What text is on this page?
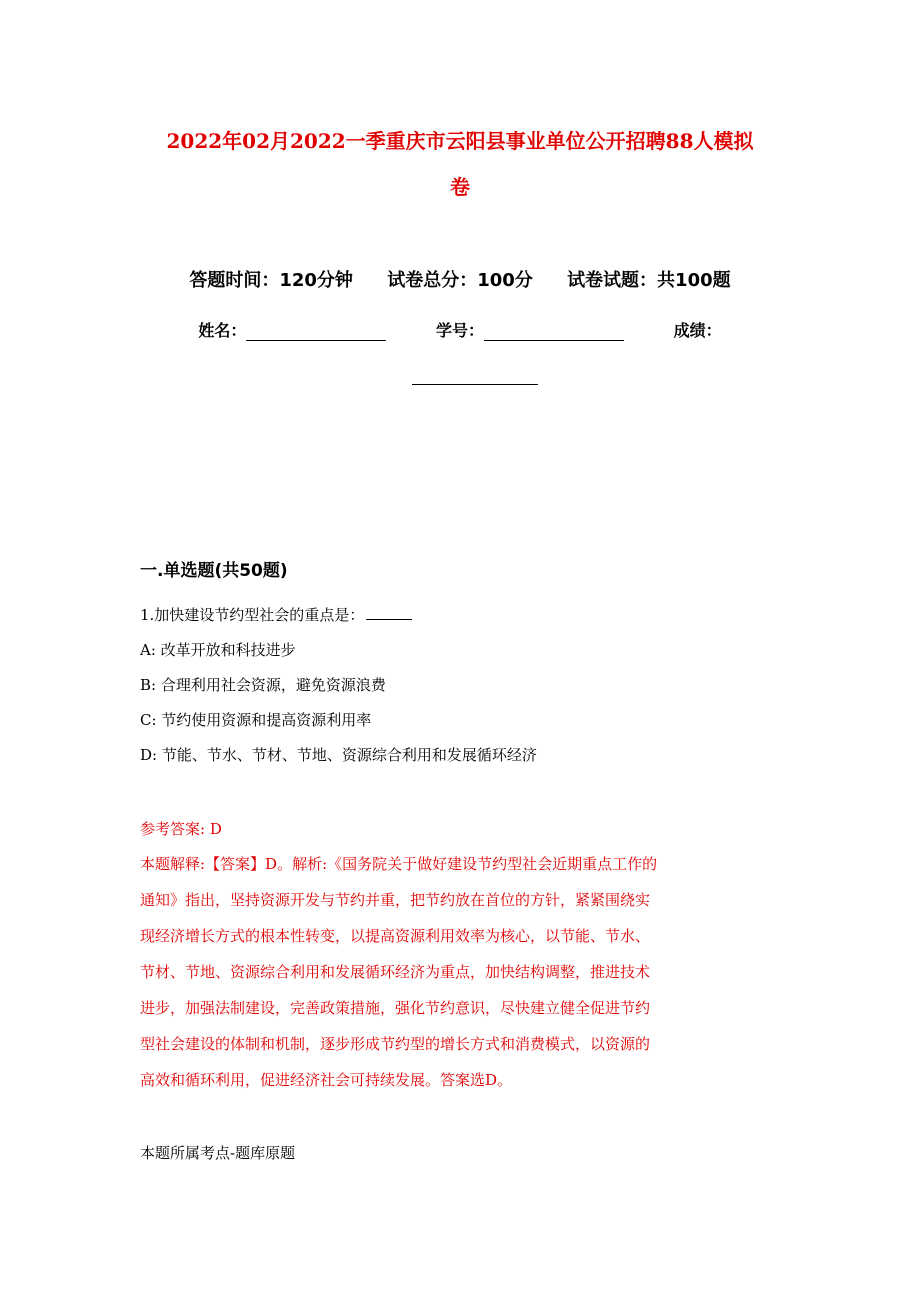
2022年02月2022一季重庆市云阳县事业单位公开招聘88人模拟
卷
答题时间：120分钟 试卷总分：100分 试卷试题：共100题
姓名：	学号：	成绩：
一.单选题(共50题)
1.加快建设节约型社会的重点是：
A: 改革开放和科技进步
B: 合理利用社会资源，避免资源浪费
C: 节约使用资源和提高资源利用率
D: 节能、节水、节材、节地、资源综合利用和发展循环经济
参考答案: D
本题解释:【答案】D。解析:《国务院关于做好建设节约型社会近期重点工作的
通知》指出，坚持资源开发与节约并重，把节约放在首位的方针，紧紧围绕实
现经济增长方式的根本性转变，以提高资源利用效率为核心，以节能、节水、
节材、节地、资源综合利用和发展循环经济为重点，加快结构调整，推进技术
进步，加强法制建设，完善政策措施，强化节约意识，尽快建立健全促进节约
型社会建设的体制和机制，逐步形成节约型的增长方式和消费模式，以资源的
高效和循环利用，促进经济社会可持续发展。答案选D。
本题所属考点-题库原题
